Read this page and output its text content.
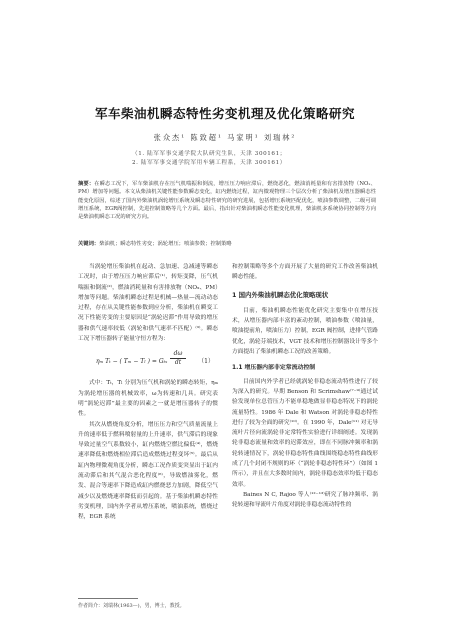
军车柴油机瞬态特性劣变机理及优化策略研究
张众杰¹ 陈致超¹ 马家明¹ 刘瑞林²
（1. 陆军军事交通学院大队研究生队，天津 300161；
2. 陆军军事交通学院军用车辆工程系，天津 300161）
摘要：在瞬态工况下，军车柴油机存在压气机喘振和倒流，增压压力响应滞后，燃烧恶化，燃油消耗量和有害排放物（NOₓ、PM）增加等问题。本文从柴油机关键性能参数瞬态变化，缸内燃烧过程，缸内微观物理三个层次分析了柴油机及增压器瞬态性能变化原因，综述了国内外柴油机涡轮增压系统及瞬态特性研究的研究进展，包括增压系统匹配优化，喷油参数调整，二级可调增压系统，EGR阀控制，先进控制策略等几个方面。最后，指出针对柴油机瞬态性能变化机理，柴油机多系统协同控制等方向是柴油机瞬态工况的研究方向。
关键词：柴油机；瞬态特性劣变；涡轮增压；喷油参数；控制策略

当涡轮增压柴油机在起动、急加速、急减速等瞬态工况时，由于增压压力响应滞后⁽¹⁾，转矩变降，压气机喘振和倒流⁽²⁾，燃油消耗量和有害排放物（NOₓ、PM）增加等问题。柴油机瞬态过程是机械—热量—流动动态过程，存在从关键性能参数到应分析，柴油机在瞬变工况下性能劣变的主要原因是“涡轮迟滞”作用导致的增压器和供气速率较低（涡轮和供气速率不匹配）⁽³⁾。瞬态工况下增压器转子能量守恒方程为：

ηₘ Tₜ − ( Tₘ − Tₗ ) = Gₜₓ $\frac{d\omega}{dt} (1)$

式中：Tₜ，Tₗ 分别为压气机和涡轮的瞬态转矩，ηₘ 为涡轮增压器的机械效率，ω为转速和几具。研究表明“涡轮迟滞”最主要的因素之一就是增压器转子的惯性。

其次从燃烧角度分析，增压压力和空气质量流量上升的速率低于燃料喷射量的上升速率，供气滞后的现象导致过量空气系数较小，缸内燃烧空燃比偏低⁽⁴⁾，燃烧速率降低和燃烧相位滞后造成燃烧过程变坏⁽⁵⁾。最后从缸内物理微观角度分析，瞬态工况作质变突显出于缸内流动滞后和其气混合恶化程度⁽⁶⁾，导致燃油雾化，燃发、混合等速率下降造成缸内燃烧恶力加剧，降低空气减少以及燃烧速率降低而引起的。基于柴油机瞬态特性劣变机理，国内外学者从增压系统，喷油系统，燃烧过程，EGR 系统

和控制策略等多个方面开展了大量的研究工作改善柴油机瞬态性能。

1 国内外柴油机瞬态优化策略现状

目前，柴油机瞬态性能优化研究主要集中在增压技术，从增压器内部丰富的紊动控制，喷油参数（喷油量，喷油提前角，喷油压力）控制，EGR 阀控制，进排气管路优化，涡轮芬端技术，VGT 技术和增压控制器设计等多个方面提出了柴油机瞬态工况的改善策略。

1.1 增压器内部非定常流动控制

目前国内外学者已经就涡轮非稳态流动特性进行了较为深入的研究。早期 Benson 和 Scrimshaw⁽⁷⁻⁹⁾通过试验发现单位总管压力不能单稳地做显非稳态特况下的涡轮流量特性。1986 年 Dale 和 Watson 对涡轮非稳态特性进行了较为全面的研究⁽¹⁰⁾。在 1990 年，Dale⁽¹¹⁾ 对无导流叶片径向流涡轮非定常特性实验进行详细阐述。发现涡轮非稳态流量和效率的迟滞效应，即在不同脉冲频率和涡轮转速情况下，涡轮非稳态特性曲线围绕稳态特性曲线形成了几个封闭不规则的环（“涡轮非稳态特性环”）（如图 1 所示），并且在大多数时间内，涡轮非稳态效率均低于稳态效率。

Baines N C, Rajoo 等人⁽¹²⁻¹³⁾研究了脉冲频率、涡轮转速和导流叶片角度对涡轮非稳态流动特性的

作者简介：刘瑞林(1963—)，男，博士，教授。
